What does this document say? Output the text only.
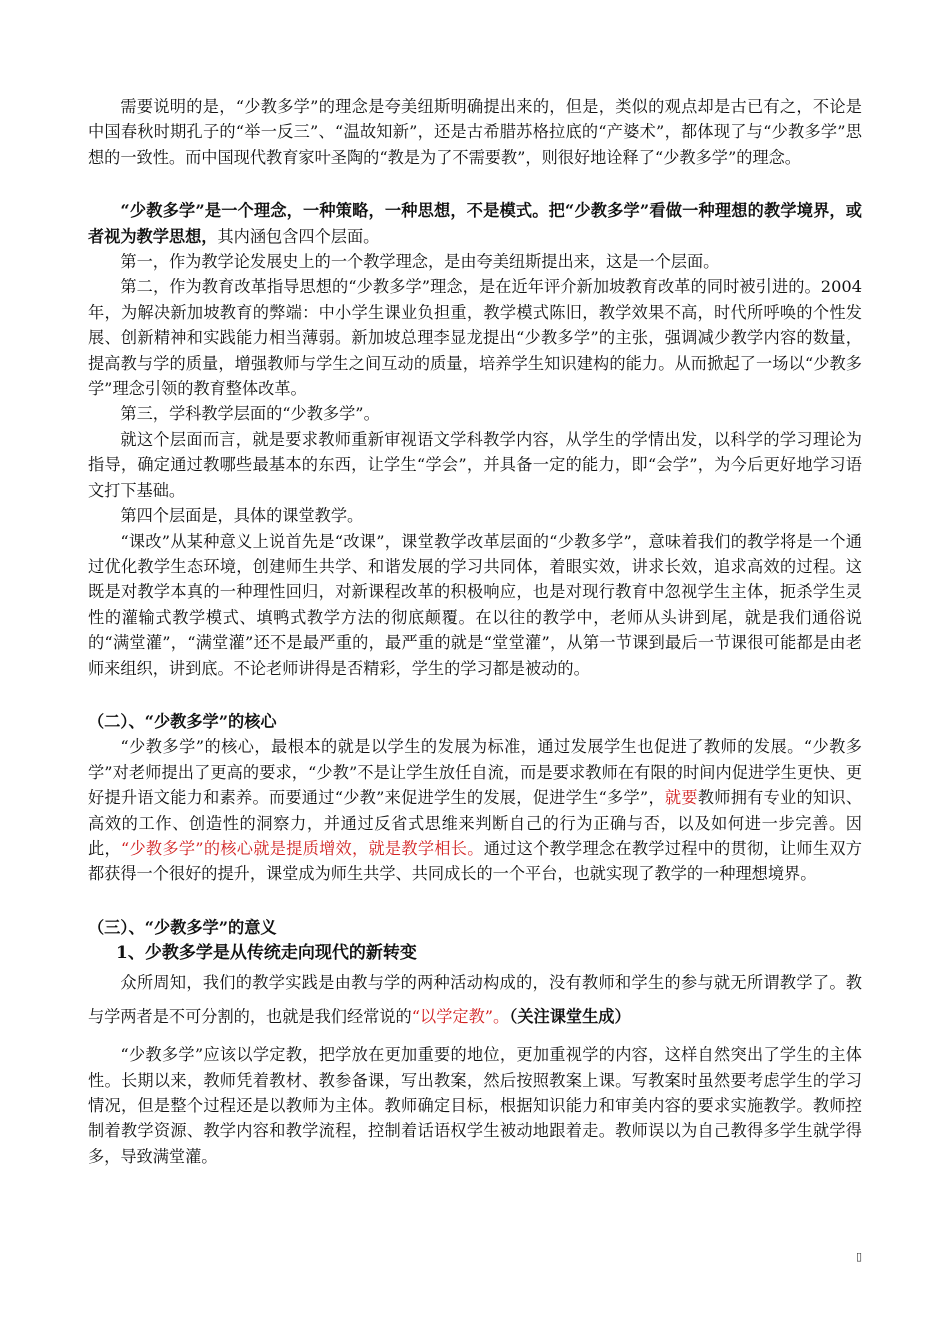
需要说明的是，“少教多学”的理念是夸美纽斯明确提出来的，但是，类似的观点却是古已有之，不论是中国春秋时期孔子的“举一反三”、“温故知新”，还是古希腊苏格拉底的“产婆术”，都体现了与“少教多学”思想的一致性。而中国现代教育家叶圣陶的“教是为了不需要教”，则很好地诠释了“少教多学”的理念。

“少教多学”是一个理念，一种策略，一种思想，不是模式。把“少教多学”看做一种理想的教学境界，或者视为教学思想，其内涵包含四个层面。

第一，作为教学论发展史上的一个教学理念，是由夸美纽斯提出来，这是一个层面。

第二，作为教育改革指导思想的“少教多学”理念，是在近年评介新加坡教育改革的同时被引进的。2004年，为解决新加坡教育的弊端：中小学生课业负担重，教学模式陈旧，教学效果不高，时代所呼唤的个性发展、创新精神和实践能力相当薄弱。新加坡总理李显龙提出“少教多学”的主张，强调减少教学内容的数量，提高教与学的质量，增强教师与学生之间互动的质量，培养学生知识建构的能力。从而掀起了一场以“少教多学”理念引领的教育整体改革。

第三，学科教学层面的“少教多学”。

就这个层面而言，就是要求教师重新审视语文学科教学内容，从学生的学情出发，以科学的学习理论为指导，确定通过教哪些最基本的东西，让学生“学会”，并具备一定的能力，即“会学”，为今后更好地学习语文打下基础。

第四个层面是，具体的课堂教学。

“课改”从某种意义上说首先是“改课”，课堂教学改革层面的“少教多学”，意味着我们的教学将是一个通过优化教学生态环境，创建师生共学、和谐发展的学习共同体，着眼实效，讲求长效，追求高效的过程。这既是对教学本真的一种理性回归，对新课程改革的积极响应，也是对现行教育中忽视学生主体，扼杀学生灵性的灌输式教学模式、填鸭式教学方法的彻底颠覆。在以往的教学中，老师从头讲到尾，就是我们通俗说的“满堂灌”，“满堂灌”还不是最严重的，最严重的就是“堂堂灌”，从第一节课到最后一节课很可能都是由老师来组织，讲到底。不论老师讲得是否精彩，学生的学习都是被动的。

（二）、“少教多学”的核心

“少教多学”的核心，最根本的就是以学生的发展为标准，通过发展学生也促进了教师的发展。“少教多学”对老师提出了更高的要求，“少教”不是让学生放任自流，而是要求教师在有限的时间内促进学生更快、更好提升语文能力和素养。而要通过“少教”来促进学生的发展，促进学生“多学”，就要教师拥有专业的知识、高效的工作、创造性的洞察力，并通过反省式思维来判断自己的行为正确与否，以及如何进一步完善。因此，“少教多学”的核心就是提质增效，就是教学相长。通过这个教学理念在教学过程中的贯彻，让师生双方都获得一个很好的提升，课堂成为师生共学、共同成长的一个平台，也就实现了教学的一种理想境界。

（三）、“少教多学”的意义

1、少教多学是从传统走向现代的新转变

众所周知，我们的教学实践是由教与学的两种活动构成的，没有教师和学生的参与就无所谓教学了。教与学两者是不可分割的，也就是我们经常说的“以学定教”。（关注课堂生成）

“少教多学”应该以学定教，把学放在更加重要的地位，更加重视学的内容，这样自然突出了学生的主体性。长期以来，教师凭着教材、教参备课，写出教案，然后按照教案上课。写教案时虽然要考虑学生的学习情况，但是整个过程还是以教师为主体。教师确定目标，根据知识能力和审美内容的要求实施教学。教师控制着教学资源、教学内容和教学流程，控制着话语权学生被动地跟着走。教师误以为自己教得多学生就学得多，导致满堂灌。

▯
